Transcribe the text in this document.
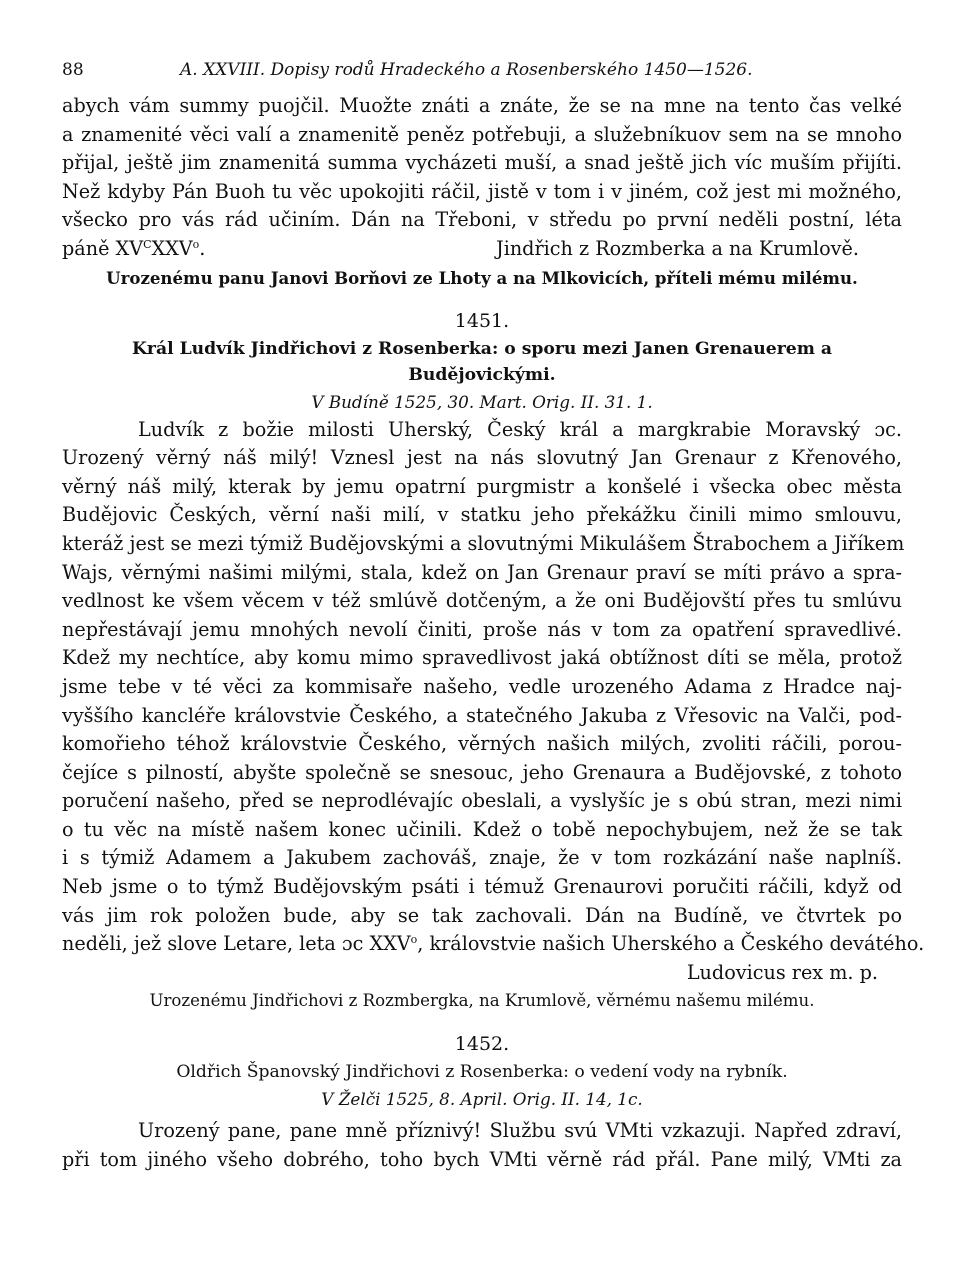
88	A. XXVIII. Dopisy rodů Hradeckého a Rosenberského 1450—1526.
abych vám summy puojčil. Muožte znáti a znáte, že se na mne na tento čas velké
a znamenité věci valí a znamenitě peněz potřebuji, a služebníkuov sem na se mnoho
přijal, ještě jim znamenitá summa vycházeti muší, a snad ještě jich víc muším přijíti.
Než kdyby Pán Buoh tu věc upokojiti ráčil, jistě v tom i v jiném, což jest mi možného,
všecko pro vás rád učiním. Dán na Třeboni, v středu po první neděli postní, léta
páně $XV^CXXV^o$.	Jindřich z Rozmberka a na Krumlově.
Urozenému panu Janovi Borňovi ze Lhoty a na Mlkovicích, příteli mému milému.
1451.
Král Ludvík Jindřichovi z Rosenberka: o sporu mezi Janen Grenauerem a Budějovickými.
V Budíně 1525, 30. Mart. Orig. II. 31. 1.
Ludvík z božie milosti Uherský, Český král a margkrabie Moravský ɔc.
Urozený věrný náš milý! Vznesl jest na nás slovutný Jan Grenaur z Křenového,
věrný náš milý, kterak by jemu opatrní purgmistr a konšelé i všecka obec města
Budějovic Českých, věrní naši milí, v statku jeho překážku činili mimo smlouvu,
kteráž jest se mezi týmiž Budějovskými a slovutnými Mikulášem Štrabochem a Jiříkem
Wajs, věrnými našimi milými, stala, kdež on Jan Grenaur praví se míti právo a spra-
vedlnost ke všem věcem v též smlúvě dotčeným, a že oni Budějovští přes tu smlúvu
nepřestávají jemu mnohých nevolí činiti, proše nás v tom za opatření spravedlivé.
Kdež my nechtíce, aby komu mimo spravedlivost jaká obtížnost díti se měla, protož
jsme tebe v té věci za kommisaře našeho, vedle urozeného Adama z Hradce naj-
vyššího kancléře královstvie Českého, a statečného Jakuba z Vřesovic na Valči, pod-
komořieho téhož královstvie Českého, věrných našich milých, zvoliti ráčili, porou-
čejíce s pilností, abyšte společně se snesouc, jeho Grenaura a Budějovské, z tohoto
poručení našeho, před se neprodlévajíc obeslali, a vyslyšíc je s obú stran, mezi nimi
o tu věc na místě našem konec učinili. Kdež o tobě nepochybujem, než že se tak
i s týmiž Adamem a Jakubem zachováš, znaje, že v tom rozkázání naše naplníš.
Neb jsme o to týmž Budějovským psáti i témuž Grenaurovi poručiti ráčili, když od
vás jim rok položen bude, aby se tak zachovali. Dán na Budíně, ve čtvrtek po
neděli, jež slove Letare, leta ɔc XXV$^o$, královstvie našich Uherského a Českého devátého.
Ludovicus rex m. p.
Urozenému Jindřichovi z Rozmbergka, na Krumlově, věrnému našemu milému.
1452.
Oldřich Španovský Jindřichovi z Rosenberka: o vedení vody na rybník.
V Želči 1525, 8. April. Orig. II. 14, 1c.
Urozený pane, pane mně příznivý! Službu svú VMti vzkazuji. Napřed zdraví,
při tom jiného všeho dobrého, toho bych VMti věrně rád přál. Pane milý, VMti za
